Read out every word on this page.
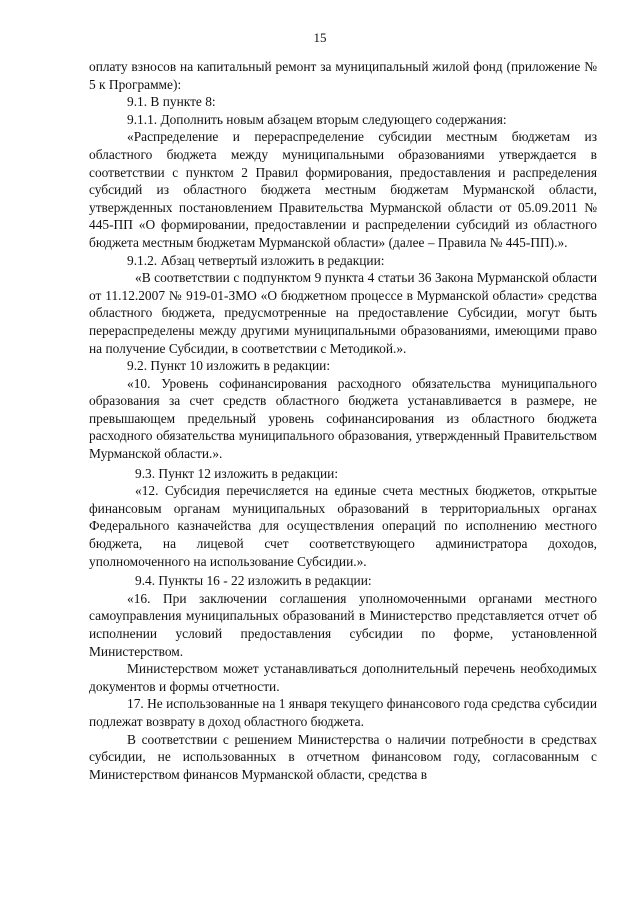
15

оплату взносов на капитальный ремонт за муниципальный жилой фонд (приложение № 5 к Программе):

9.1. В пункте 8:

9.1.1. Дополнить новым абзацем вторым следующего содержания:

«Распределение и перераспределение субсидии местным бюджетам из областного бюджета между муниципальными образованиями утверждается в соответствии с пунктом 2 Правил формирования, предоставления и распределения субсидий из областного бюджета местным бюджетам Мурманской области, утвержденных постановлением Правительства Мурманской области от 05.09.2011 № 445-ПП «О формировании, предоставлении и распределении субсидий из областного бюджета местным бюджетам Мурманской области» (далее – Правила № 445-ПП).».

9.1.2. Абзац четвертый изложить в редакции:

«В соответствии с подпунктом 9 пункта 4 статьи 36 Закона Мурманской области от 11.12.2007 № 919-01-ЗМО «О бюджетном процессе в Мурманской области» средства областного бюджета, предусмотренные на предоставление Субсидии, могут быть перераспределены между другими муниципальными образованиями, имеющими право на получение Субсидии, в соответствии с Методикой.».

9.2. Пункт 10 изложить в редакции:

«10. Уровень софинансирования расходного обязательства муниципального образования за счет средств областного бюджета устанавливается в размере, не превышающем предельный уровень софинансирования из областного бюджета расходного обязательства муниципального образования, утвержденный Правительством Мурманской области.».

9.3. Пункт 12 изложить в редакции:

«12. Субсидия перечисляется на единые счета местных бюджетов, открытые финансовым органам муниципальных образований в территориальных органах Федерального казначейства для осуществления операций по исполнению местного бюджета, на лицевой счет соответствующего администратора доходов, уполномоченного на использование Субсидии.».

9.4. Пункты 16 - 22 изложить в редакции:

«16. При заключении соглашения уполномоченными органами местного самоуправления муниципальных образований в Министерство представляется отчет об исполнении условий предоставления субсидии по форме, установленной Министерством.

Министерством может устанавливаться дополнительный перечень необходимых документов и формы отчетности.

17. Не использованные на 1 января текущего финансового года средства субсидии подлежат возврату в доход областного бюджета.

В соответствии с решением Министерства о наличии потребности в средствах субсидии, не использованных в отчетном финансовом году, согласованным с Министерством финансов Мурманской области, средства в
